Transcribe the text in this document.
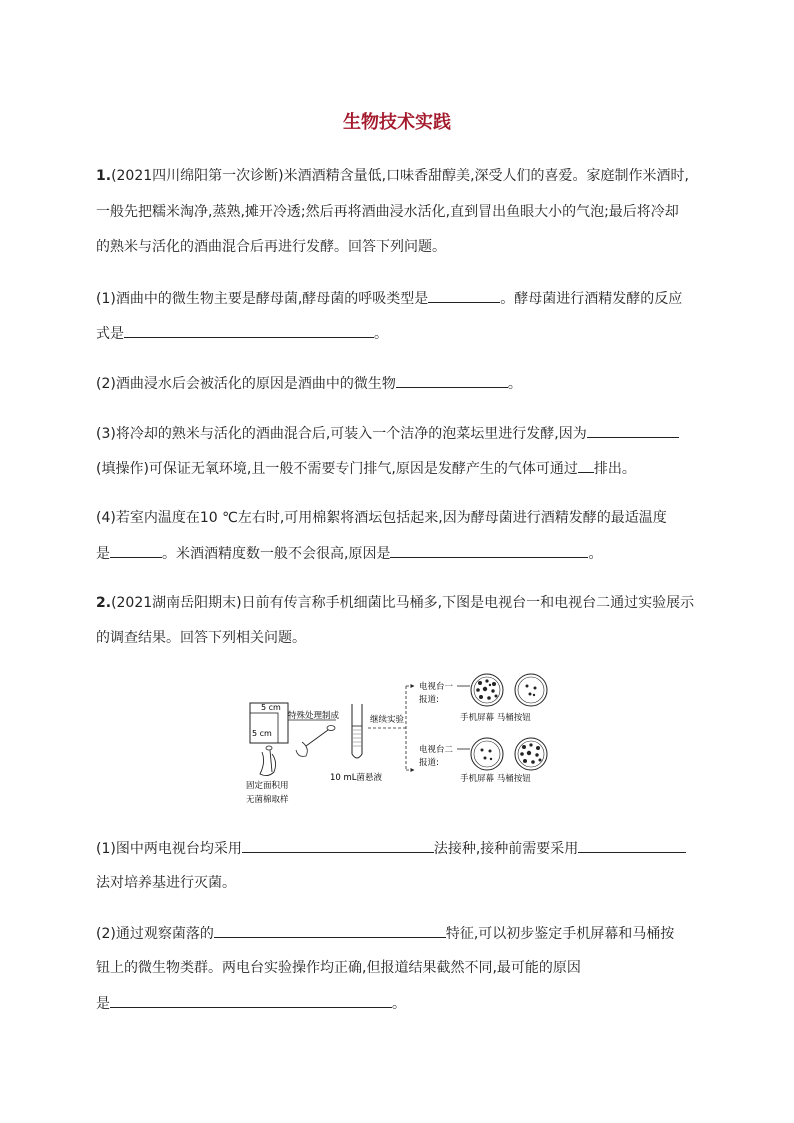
生物技术实践
1.(2021四川绵阳第一次诊断)米酒酒精含量低,口味香甜醇美,深受人们的喜爱。家庭制作米酒时,
一般先把糯米淘净,蒸熟,摊开冷透;然后再将酒曲浸水活化,直到冒出鱼眼大小的气泡;最后将冷却
的熟米与活化的酒曲混合后再进行发酵。回答下列问题。
(1)酒曲中的微生物主要是酵母菌,酵母菌的呼吸类型是	。酵母菌进行酒精发酵的反应
式是	。
(2)酒曲浸水后会被活化的原因是酒曲中的微生物	。
(3)将冷却的熟米与活化的酒曲混合后,可装入一个洁净的泡菜坛里进行发酵,因为
(填操作)可保证无氧环境,且一般不需要专门排气,原因是发酵产生的气体可通过 排出。
(4)若室内温度在10 ℃左右时,可用棉絮将酒坛包括起来,因为酵母菌进行酒精发酵的最适温度
是	。米酒酒精度数一般不会很高,原因是	。
2.(2021湖南岳阳期末)日前有传言称手机细菌比马桶多,下图是电视台一和电视台二通过实验展示
的调查结果。回答下列相关问题。
5 cm
5 cm
固定面积用
无菌棉取样
特殊处理制成
10 mL菌悬液
继续实验
电视台一
报道:
电视台二
报道:
手机屏幕 马桶按钮
手机屏幕 马桶按钮
(1)图中两电视台均采用	法接种,接种前需要采用
法对培养基进行灭菌。
(2)通过观察菌落的	特征,可以初步鉴定手机屏幕和马桶按
钮上的微生物类群。两电台实验操作均正确,但报道结果截然不同,最可能的原因
是	。
